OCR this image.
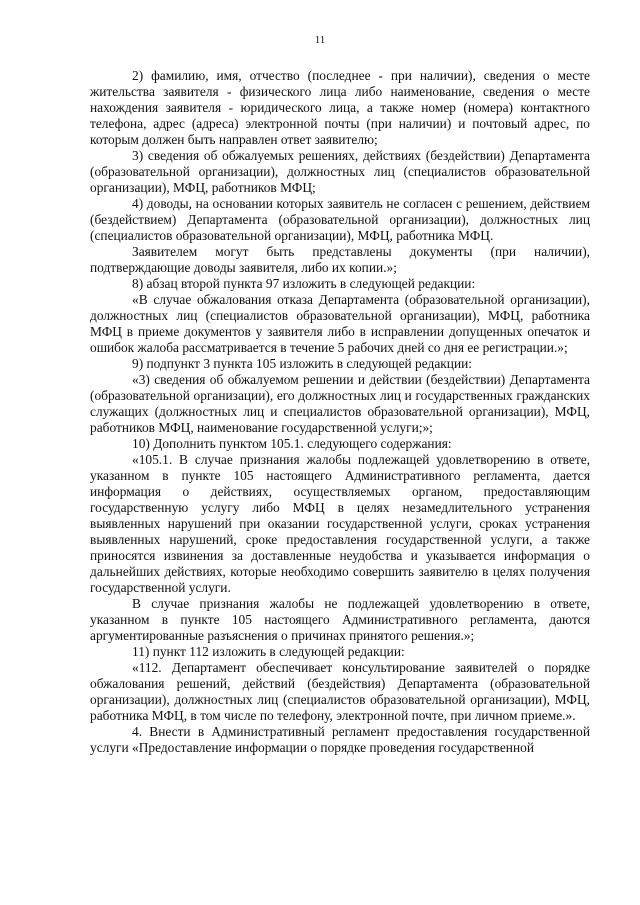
11

2) фамилию, имя, отчество (последнее - при наличии), сведения о месте жительства заявителя - физического лица либо наименование, сведения о месте нахождения заявителя - юридического лица, а также номер (номера) контактного телефона, адрес (адреса) электронной почты (при наличии) и почтовый адрес, по которым должен быть направлен ответ заявителю;

3) сведения об обжалуемых решениях, действиях (бездействии) Департамента (образовательной организации), должностных лиц (специалистов образовательной организации), МФЦ, работников МФЦ;

4) доводы, на основании которых заявитель не согласен с решением, действием (бездействием) Департамента (образовательной организации), должностных лиц (специалистов образовательной организации), МФЦ, работника МФЦ.

Заявителем могут быть представлены документы (при наличии), подтверждающие доводы заявителя, либо их копии.»;

8) абзац второй пункта 97 изложить в следующей редакции:

«В случае обжалования отказа Департамента (образовательной организации), должностных лиц (специалистов образовательной организации), МФЦ, работника МФЦ в приеме документов у заявителя либо в исправлении допущенных опечаток и ошибок жалоба рассматривается в течение 5 рабочих дней со дня ее регистрации.»;

9) подпункт 3 пункта 105 изложить в следующей редакции:

«3) сведения об обжалуемом решении и действии (бездействии) Департамента (образовательной организации), его должностных лиц и государственных гражданских служащих (должностных лиц и специалистов образовательной организации), МФЦ, работников МФЦ, наименование государственной услуги;»;

10) Дополнить пунктом 105.1. следующего содержания:

«105.1. В случае признания жалобы подлежащей удовлетворению в ответе, указанном в пункте 105 настоящего Административного регламента, дается информация о действиях, осуществляемых органом, предоставляющим государственную услугу либо МФЦ в целях незамедлительного устранения выявленных нарушений при оказании государственной услуги, сроках устранения выявленных нарушений, сроке предоставления государственной услуги, а также приносятся извинения за доставленные неудобства и указывается информация о дальнейших действиях, которые необходимо совершить заявителю в целях получения государственной услуги.

В случае признания жалобы не подлежащей удовлетворению в ответе, указанном в пункте 105 настоящего Административного регламента, даются аргументированные разъяснения о причинах принятого решения.»;

11) пункт 112 изложить в следующей редакции:

«112. Департамент обеспечивает консультирование заявителей о порядке обжалования решений, действий (бездействия) Департамента (образовательной организации), должностных лиц (специалистов образовательной организации), МФЦ, работника МФЦ, в том числе по телефону, электронной почте, при личном приеме.».

4. Внести в Административный регламент предоставления государственной услуги «Предоставление информации о порядке проведения государственной
